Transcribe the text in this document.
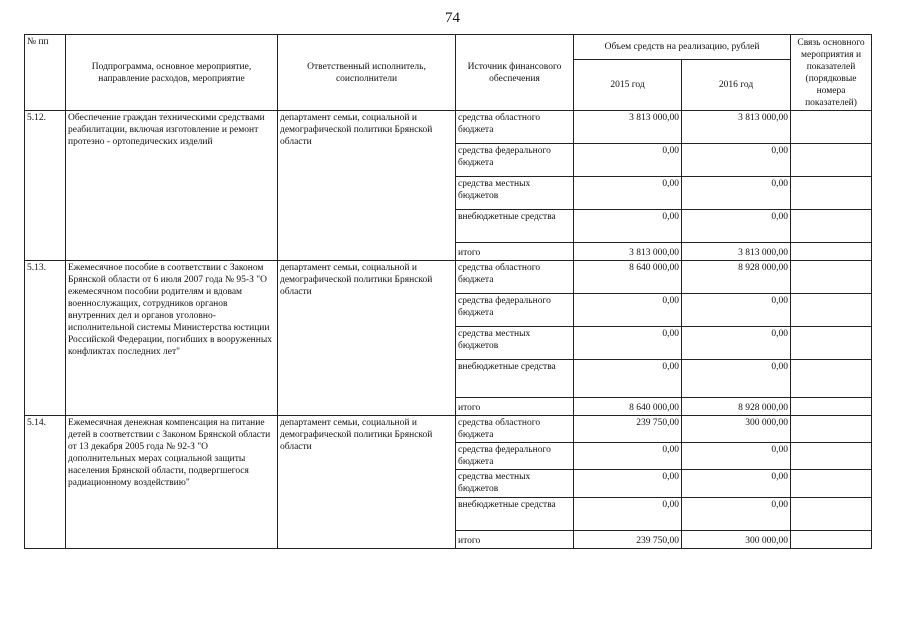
74
№ пп	Подпрограмма, основное мероприятие, направление расходов, мероприятие	Ответственный исполнитель, соисполнители	Источник финансового обеспечения	Объем средств на реализацию, рублей		Связь основного мероприятия и показателей (порядковые номера показателей)
				2015 год	2016 год	
5.12.	Обеспечение граждан техническими средствами реабилитации, включая изготовление и ремонт протезно - ортопедических изделий	департамент семьи, социальной и демографической политики Брянской области	средства областного бюджета	3 813 000,00	3 813 000,00	
			средства федерального бюджета	0,00	0,00	
			средства местных бюджетов	0,00	0,00	
			внебюджетные средства	0,00	0,00	
			итого	3 813 000,00	3 813 000,00	
5.13.	Ежемесячное пособие в соответствии с Законом Брянской области от 6 июля 2007 года № 95-З "О ежемесячном пособии родителям и вдовам военнослужащих, сотрудников органов внутренних дел и органов уголовно-исполнительной системы Министерства юстиции Российской Федерации, погибших в вооруженных конфликтах последних лет"	департамент семьи, социальной и демографической политики Брянской области	средства областного бюджета	8 640 000,00	8 928 000,00	
			средства федерального бюджета	0,00	0,00	
			средства местных бюджетов	0,00	0,00	
			внебюджетные средства	0,00	0,00	
			итого	8 640 000,00	8 928 000,00	
5.14.	Ежемесячная денежная компенсация на питание детей в соответствии с Законом Брянской области от 13 декабря 2005 года № 92-З "О дополнительных мерах социальной защиты населения Брянской области, подвергшегося радиационному воздействию"	департамент семьи, социальной и демографической политики Брянской области	средства областного бюджета	239 750,00	300 000,00	
			средства федерального бюджета	0,00	0,00	
			средства местных бюджетов	0,00	0,00	
			внебюджетные средства	0,00	0,00	
			итого	239 750,00	300 000,00	
